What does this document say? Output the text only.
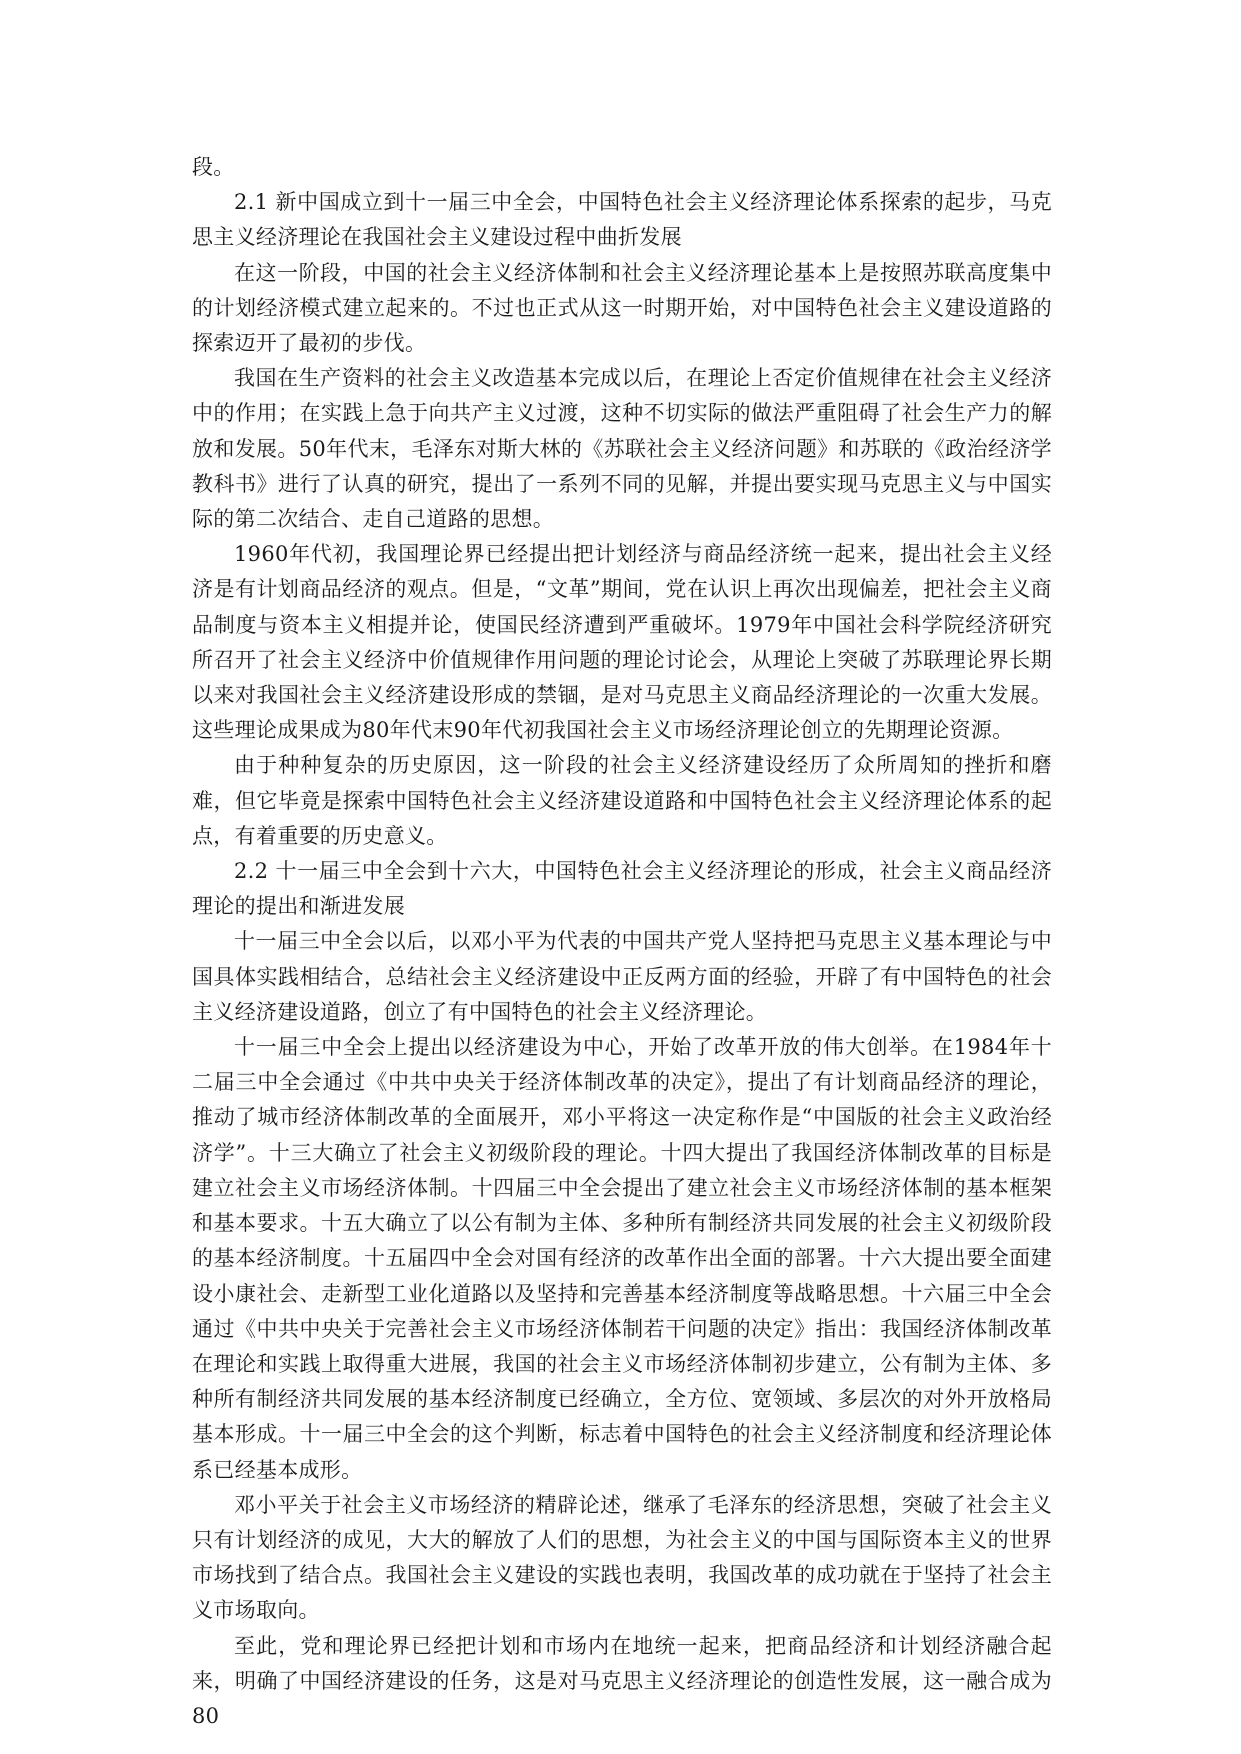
段。

2.1 新中国成立到十一届三中全会，中国特色社会主义经济理论体系探索的起步，马克思主义经济理论在我国社会主义建设过程中曲折发展

在这一阶段，中国的社会主义经济体制和社会主义经济理论基本上是按照苏联高度集中的计划经济模式建立起来的。不过也正式从这一时期开始，对中国特色社会主义建设道路的探索迈开了最初的步伐。

我国在生产资料的社会主义改造基本完成以后，在理论上否定价值规律在社会主义经济中的作用；在实践上急于向共产主义过渡，这种不切实际的做法严重阻碍了社会生产力的解放和发展。50年代末，毛泽东对斯大林的《苏联社会主义经济问题》和苏联的《政治经济学教科书》进行了认真的研究，提出了一系列不同的见解，并提出要实现马克思主义与中国实际的第二次结合、走自己道路的思想。

1960年代初，我国理论界已经提出把计划经济与商品经济统一起来，提出社会主义经济是有计划商品经济的观点。但是，“文革”期间，党在认识上再次出现偏差，把社会主义商品制度与资本主义相提并论，使国民经济遭到严重破坏。1979年中国社会科学院经济研究所召开了社会主义经济中价值规律作用问题的理论讨论会，从理论上突破了苏联理论界长期以来对我国社会主义经济建设形成的禁锢，是对马克思主义商品经济理论的一次重大发展。这些理论成果成为80年代末90年代初我国社会主义市场经济理论创立的先期理论资源。

由于种种复杂的历史原因，这一阶段的社会主义经济建设经历了众所周知的挫折和磨难，但它毕竟是探索中国特色社会主义经济建设道路和中国特色社会主义经济理论体系的起点，有着重要的历史意义。

2.2 十一届三中全会到十六大，中国特色社会主义经济理论的形成，社会主义商品经济理论的提出和渐进发展

十一届三中全会以后，以邓小平为代表的中国共产党人坚持把马克思主义基本理论与中国具体实践相结合，总结社会主义经济建设中正反两方面的经验，开辟了有中国特色的社会主义经济建设道路，创立了有中国特色的社会主义经济理论。

十一届三中全会上提出以经济建设为中心，开始了改革开放的伟大创举。在1984年十二届三中全会通过《中共中央关于经济体制改革的决定》，提出了有计划商品经济的理论，推动了城市经济体制改革的全面展开，邓小平将这一决定称作是“中国版的社会主义政治经济学”。十三大确立了社会主义初级阶段的理论。十四大提出了我国经济体制改革的目标是建立社会主义市场经济体制。十四届三中全会提出了建立社会主义市场经济体制的基本框架和基本要求。十五大确立了以公有制为主体、多种所有制经济共同发展的社会主义初级阶段的基本经济制度。十五届四中全会对国有经济的改革作出全面的部署。十六大提出要全面建设小康社会、走新型工业化道路以及坚持和完善基本经济制度等战略思想。十六届三中全会通过《中共中央关于完善社会主义市场经济体制若干问题的决定》指出：我国经济体制改革在理论和实践上取得重大进展，我国的社会主义市场经济体制初步建立，公有制为主体、多种所有制经济共同发展的基本经济制度已经确立，全方位、宽领域、多层次的对外开放格局基本形成。十一届三中全会的这个判断，标志着中国特色的社会主义经济制度和经济理论体系已经基本成形。

邓小平关于社会主义市场经济的精辟论述，继承了毛泽东的经济思想，突破了社会主义只有计划经济的成见，大大的解放了人们的思想，为社会主义的中国与国际资本主义的世界市场找到了结合点。我国社会主义建设的实践也表明，我国改革的成功就在于坚持了社会主义市场取向。

至此，党和理论界已经把计划和市场内在地统一起来，把商品经济和计划经济融合起来，明确了中国经济建设的任务，这是对马克思主义经济理论的创造性发展，这一融合成为80
